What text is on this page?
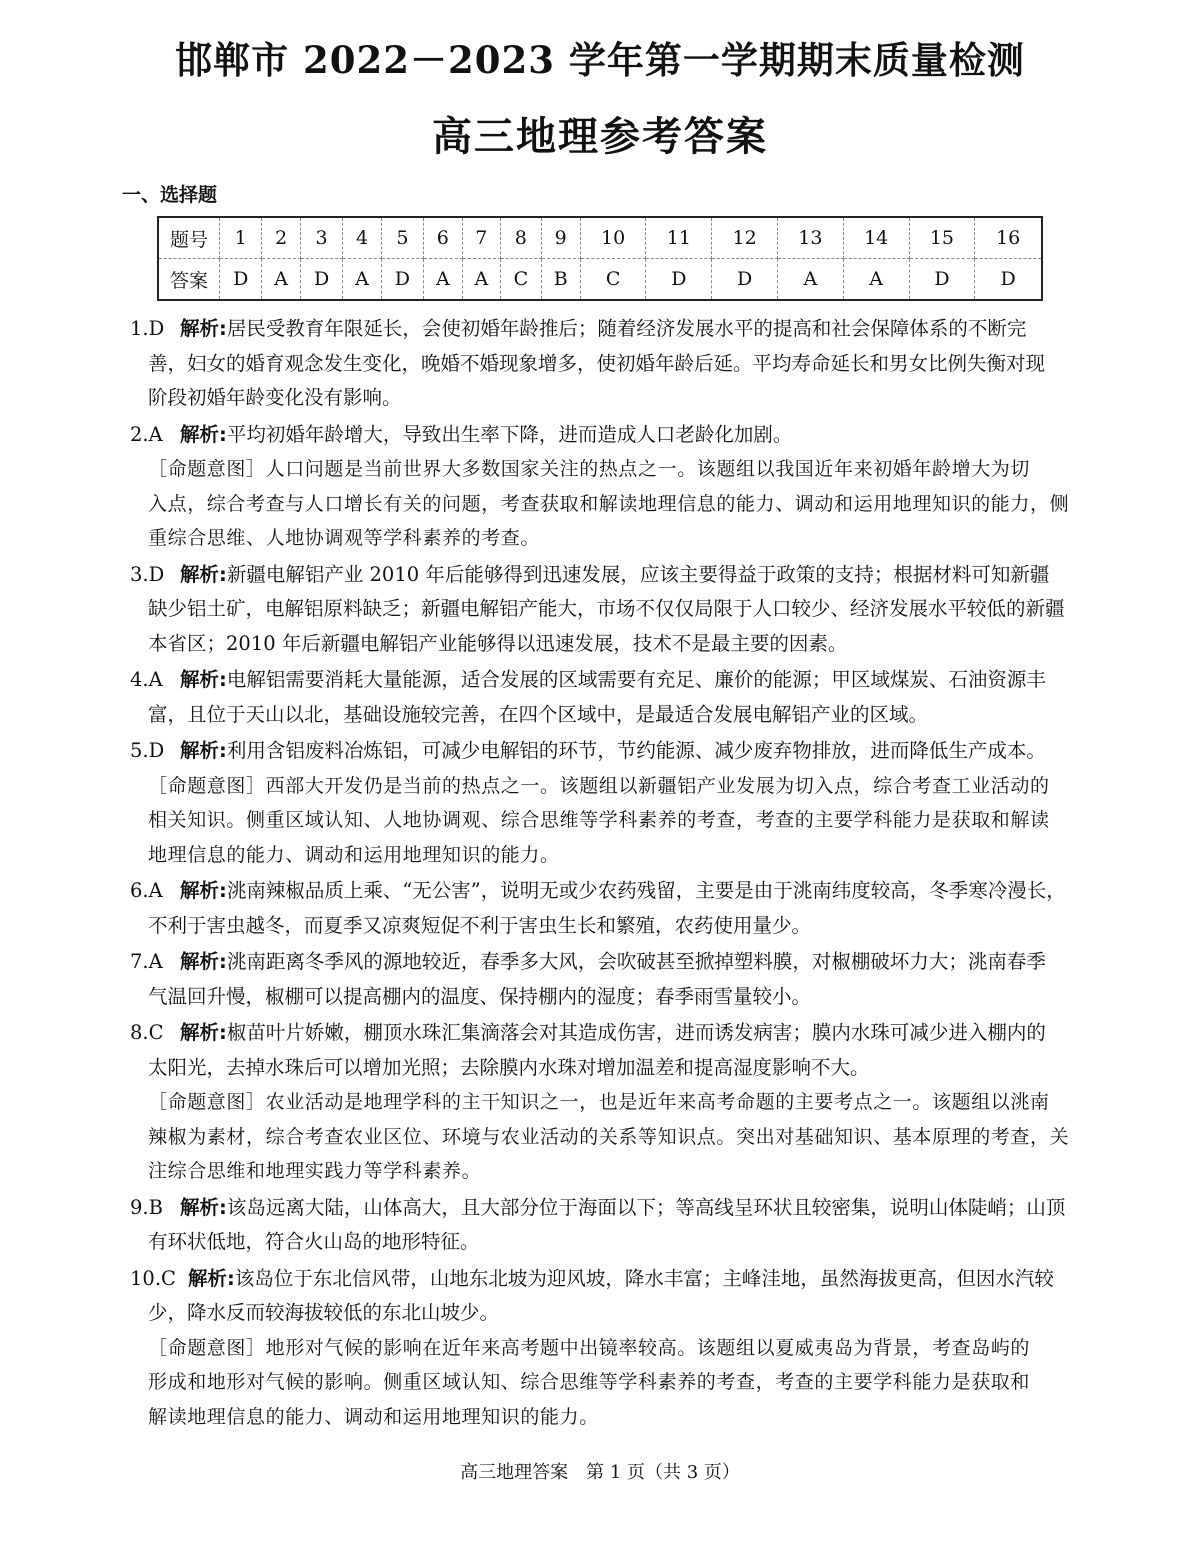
邯郸市 2022－2023 学年第一学期期末质量检测
高三地理参考答案
一、选择题
题号	1	2	3	4	5	6	7	8	9	10	11	12	13	14	15	16
答案	D	A	D	A	D	A	A	C	B	C	D	D	A	A	D	D
1.D 解析:居民受教育年限延长，会使初婚年龄推后；随着经济发展水平的提高和社会保障体系的不断完
善，妇女的婚育观念发生变化，晚婚不婚现象增多，使初婚年龄后延。平均寿命延长和男女比例失衡对现
阶段初婚年龄变化没有影响。
2.A 解析:平均初婚年龄增大，导致出生率下降，进而造成人口老龄化加剧。
［命题意图］人口问题是当前世界大多数国家关注的热点之一。该题组以我国近年来初婚年龄增大为切
入点，综合考查与人口增长有关的问题，考查获取和解读地理信息的能力、调动和运用地理知识的能力，侧
重综合思维、人地协调观等学科素养的考查。
3.D 解析:新疆电解铝产业 2010 年后能够得到迅速发展，应该主要得益于政策的支持；根据材料可知新疆
缺少铝土矿，电解铝原料缺乏；新疆电解铝产能大，市场不仅仅局限于人口较少、经济发展水平较低的新疆
本省区；2010 年后新疆电解铝产业能够得以迅速发展，技术不是最主要的因素。
4.A 解析:电解铝需要消耗大量能源，适合发展的区域需要有充足、廉价的能源；甲区域煤炭、石油资源丰
富，且位于天山以北，基础设施较完善，在四个区域中，是最适合发展电解铝产业的区域。
5.D 解析:利用含铝废料冶炼铝，可减少电解铝的环节，节约能源、减少废弃物排放，进而降低生产成本。
［命题意图］西部大开发仍是当前的热点之一。该题组以新疆铝产业发展为切入点，综合考查工业活动的
相关知识。侧重区域认知、人地协调观、综合思维等学科素养的考查，考查的主要学科能力是获取和解读
地理信息的能力、调动和运用地理知识的能力。
6.A 解析:洮南辣椒品质上乘、“无公害”，说明无或少农药残留，主要是由于洮南纬度较高，冬季寒冷漫长，
不利于害虫越冬，而夏季又凉爽短促不利于害虫生长和繁殖，农药使用量少。
7.A 解析:洮南距离冬季风的源地较近，春季多大风，会吹破甚至掀掉塑料膜，对椒棚破坏力大；洮南春季
气温回升慢，椒棚可以提高棚内的温度、保持棚内的湿度；春季雨雪量较小。
8.C 解析:椒苗叶片娇嫩，棚顶水珠汇集滴落会对其造成伤害，进而诱发病害；膜内水珠可减少进入棚内的
太阳光，去掉水珠后可以增加光照；去除膜内水珠对增加温差和提高湿度影响不大。
［命题意图］农业活动是地理学科的主干知识之一，也是近年来高考命题的主要考点之一。该题组以洮南
辣椒为素材，综合考查农业区位、环境与农业活动的关系等知识点。突出对基础知识、基本原理的考查，关
注综合思维和地理实践力等学科素养。
9.B 解析:该岛远离大陆，山体高大，且大部分位于海面以下；等高线呈环状且较密集，说明山体陡峭；山顶
有环状低地，符合火山岛的地形特征。
10.C 解析:该岛位于东北信风带，山地东北坡为迎风坡，降水丰富；主峰洼地，虽然海拔更高，但因水汽较
少，降水反而较海拔较低的东北山坡少。
［命题意图］地形对气候的影响在近年来高考题中出镜率较高。该题组以夏威夷岛为背景，考查岛屿的
形成和地形对气候的影响。侧重区域认知、综合思维等学科素养的考查，考查的主要学科能力是获取和
解读地理信息的能力、调动和运用地理知识的能力。
高三地理答案　第 1 页（共 3 页）
